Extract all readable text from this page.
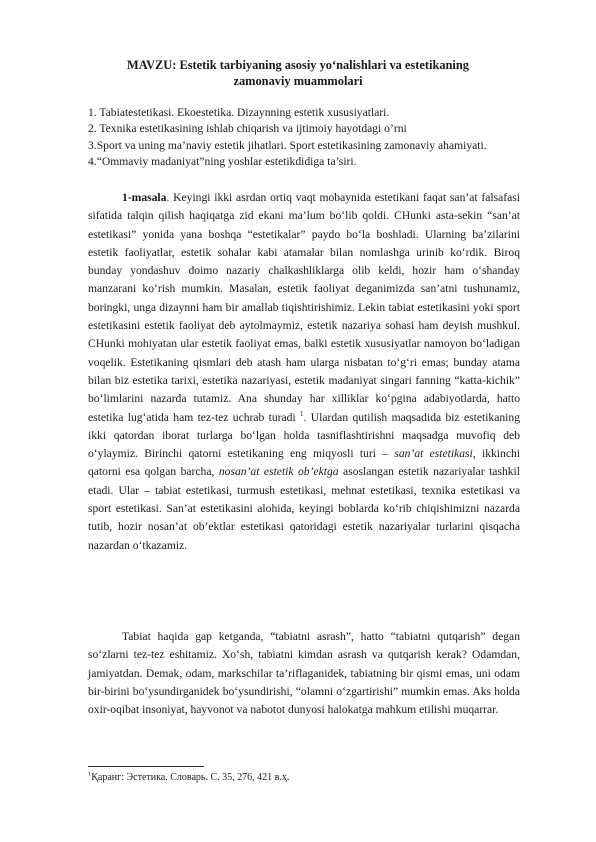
MAVZU: Estetik tarbiyaning asosiy yo‘nalishlari va estetikaning
zamonaviy muammolari
1. Tabiatestetikasi. Ekoestetika. Dizaynning estetik xususiyatlari.
2. Texnika estetikasining ishlab chiqarish va ijtimoiy hayotdagi o’rni
3.Sport va uning ma’naviy estetik jihatlari. Sport estetikasining zamonaviy ahamiyati.
4.“Ommaviy madaniyat”ning yoshlar estetikdidiga ta’siri.
1-masala. Keyingi ikki asrdan ortiq vaqt mobaynida estetikani faqat san’at falsafasi sifatida talqin qilish haqiqatga zid ekani ma’lum bo‘lib qoldi. CHunki asta-sekin “san’at estetikasi” yonida yana boshqa “estetikalar” paydo bo‘la boshladi. Ularning ba’zilarini estetik faoliyatlar, estetik sohalar kabi atamalar bilan nomlashga urinib ko‘rdik. Biroq bunday yondashuv doimo nazariy chalkashliklarga olib keldi, hozir ham o‘shanday manzarani ko‘rish mumkin. Masalan, estetik faoliyat deganimizda san’atni tushunamiz, boringki, unga dizaynni ham bir amallab tiqishtirishimiz. Lekin tabiat estetikasini yoki sport estetikasini estetik faoliyat deb aytolmaymiz, estetik nazariya sohasi ham deyish mushkul. CHunki mohiyatan ular estetik faoliyat emas, balki estetik xususiyatlar namoyon bo‘ladigan voqelik. Estetikaning qismlari deb atash ham ularga nisbatan to‘g‘ri emas; bunday atama bilan biz estetika tarixi, estetika nazariyasi, estetik madaniyat singari fanning “katta-kichik” bo‘limlarini nazarda tutamiz. Ana shunday har xilliklar ko‘pgina adabiyotlarda, hatto estetika lug‘atida ham tez-tez uchrab turadi $^1$. Ulardan qutilish maqsadida biz estetikaning ikki qatordan iborat turlarga bo‘lgan holda tasniflashtirishni maqsadga muvofiq deb o‘ylaymiz. Birinchi qatorni estetikaning eng miqyosli turi – san’at estetikasi, ikkinchi qatorni esa qolgan barcha, nosan’at estetik ob’ektga asoslangan estetik nazariyalar tashkil etadi. Ular – tabiat estetikasi, turmush estetikasi, mehnat estetikasi, texnika estetikasi va sport estetikasi. San’at estetikasini alohida, keyingi boblarda ko‘rib chiqishimizni nazarda tutib, hozir nosan’at ob’ektlar estetikasi qatoridagi estetik nazariyalar turlarini qisqacha nazardan o‘tkazamiz.
Tabiat haqida gap ketganda, “tabiatni asrash”, hatto “tabiatni qutqarish” degan so‘zlarni tez-tez eshitamiz. Xo‘sh, tabiatni kimdan asrash va qutqarish kerak? Odamdan, jamiyatdan. Demak, odam, markschilar ta’riflaganidek, tabiatning bir qismi emas, uni odam bir-birini bo‘ysundirganidek bo‘ysundirishi, “olamni o‘zgartirishi” mumkin emas. Aks holda oxir-oqibat insoniyat, hayvonot va nabotot dunyosi halokatga mahkum etilishi muqarrar.
$^1$Қаранг: Эстетика. Словарь. С. 35, 276, 421 в.ҳ.
